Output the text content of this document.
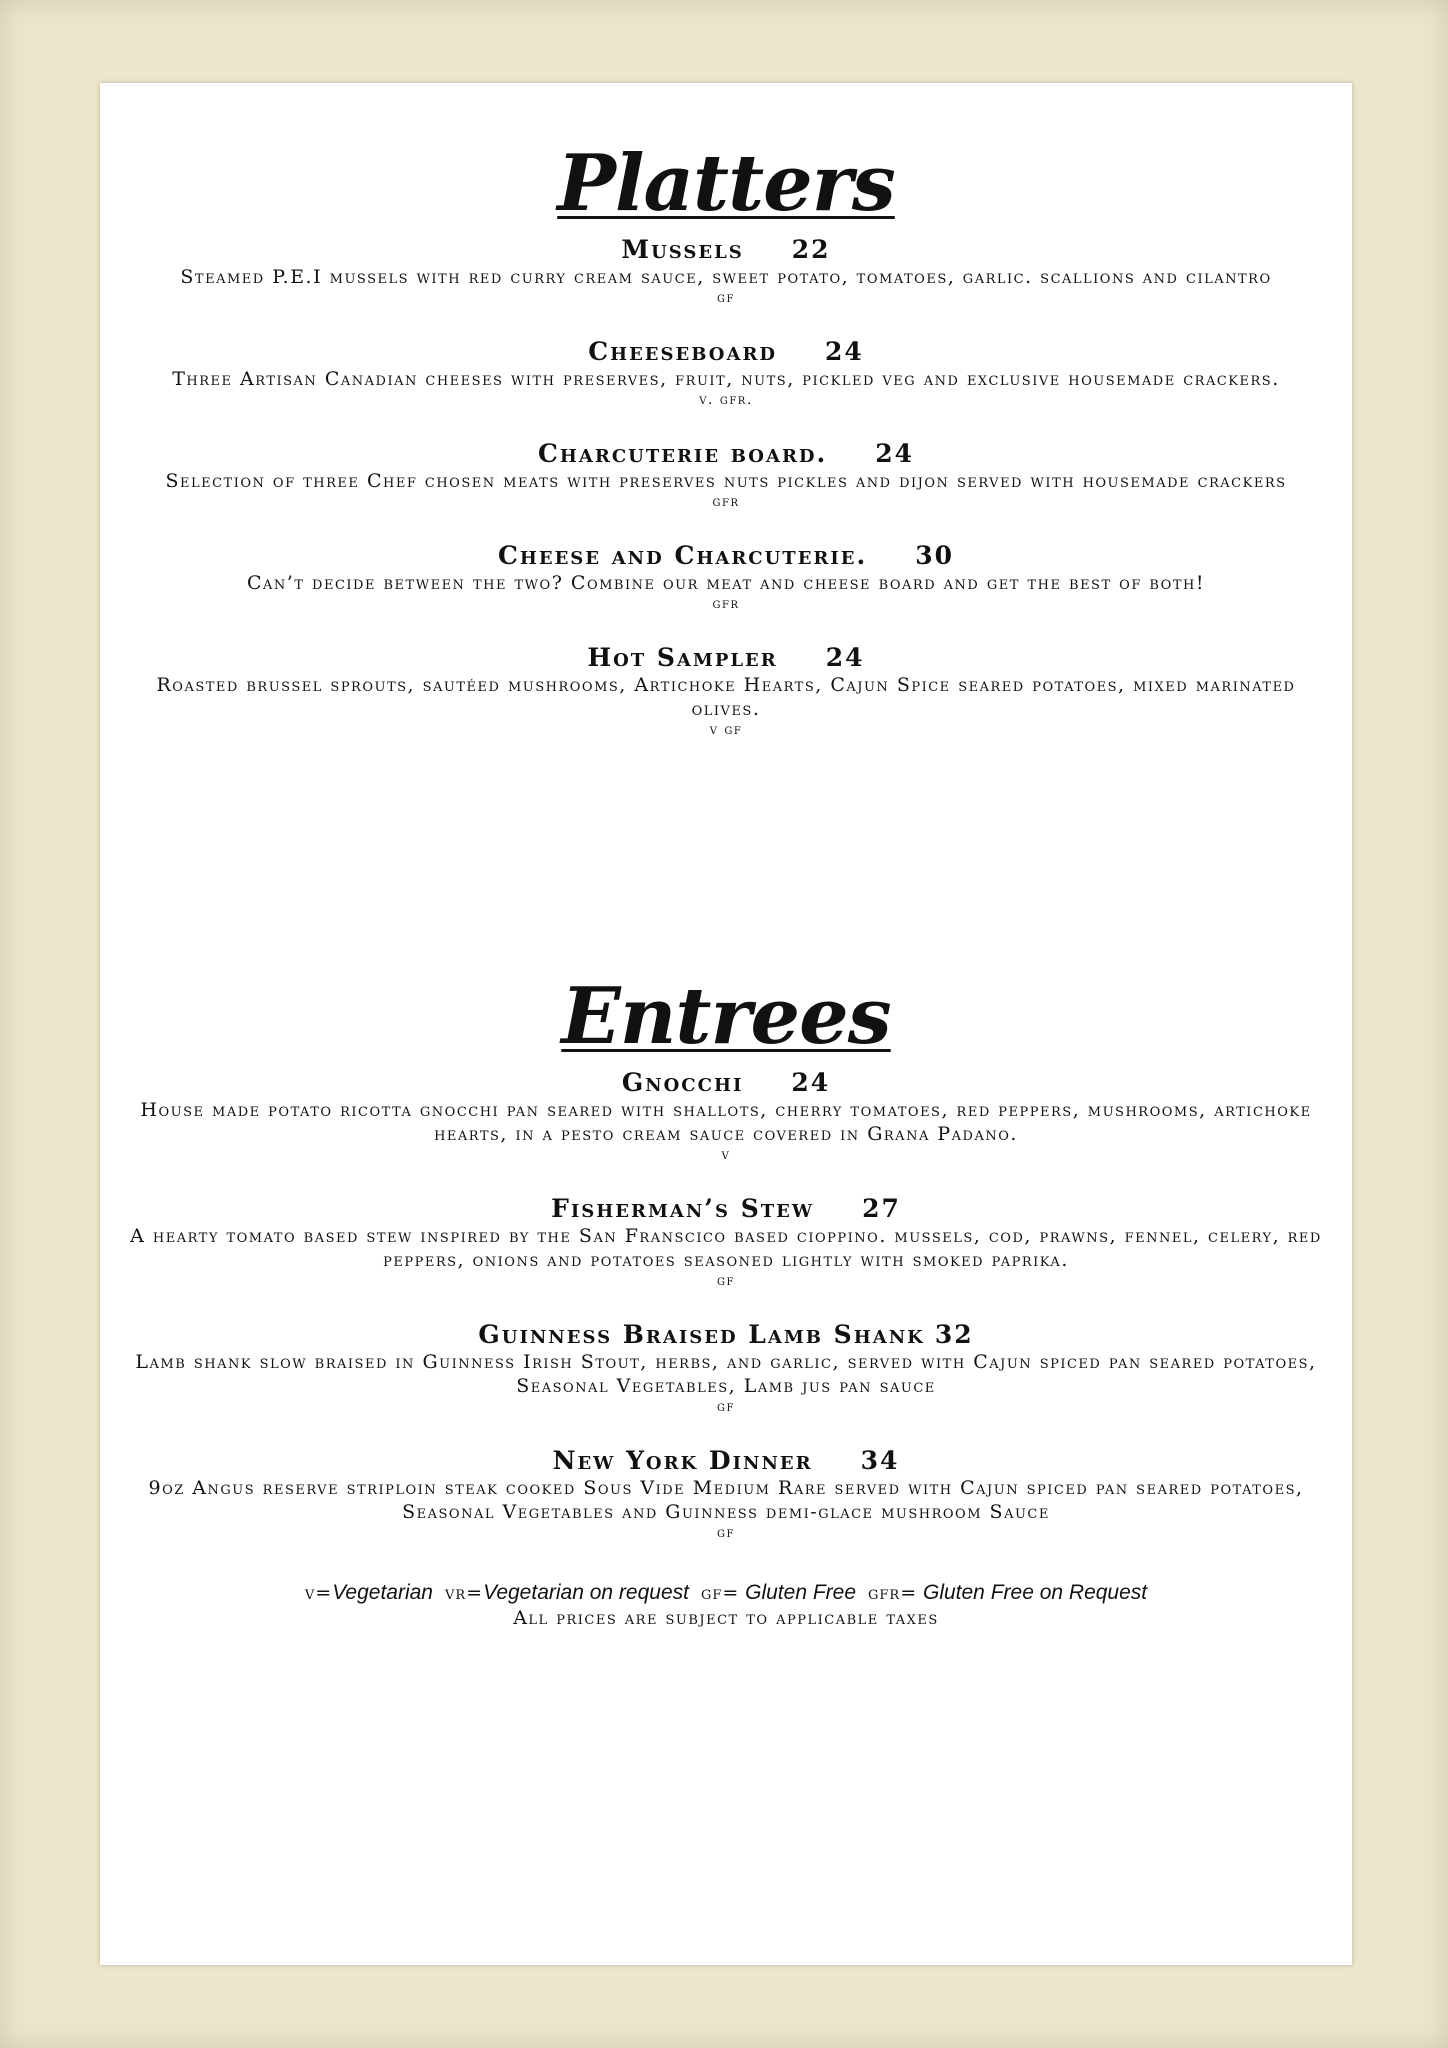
Platters
Mussels 22
Steamed P.E.I mussels with red curry cream sauce, sweet potato, tomatoes, garlic. scallions and cilantro
gf
Cheeseboard 24
Three Artisan Canadian cheeses with preserves, fruit, nuts, pickled veg and exclusive housemade crackers.
v. gfr.
Charcuterie board. 24
Selection of three Chef chosen meats with preserves nuts pickles and dijon served with housemade crackers
gfr
Cheese and Charcuterie. 30
Can’t decide between the two? Combine our meat and cheese board and get the best of both!
gfr
Hot Sampler 24
Roasted brussel sprouts, sautéed mushrooms, Artichoke Hearts, Cajun Spice seared potatoes, mixed marinated olives.
v gf
Entrees
Gnocchi 24
House made potato ricotta gnocchi pan seared with shallots, cherry tomatoes, red peppers, mushrooms, artichoke hearts, in a pesto cream sauce covered in Grana Padano.
v
Fisherman’s Stew 27
A hearty tomato based stew inspired by the San Franscico based cioppino. mussels, cod, prawns, fennel, celery, red peppers, onions and potatoes seasoned lightly with smoked paprika.
gf
Guinness Braised Lamb Shank 32
Lamb shank slow braised in Guinness Irish Stout, herbs, and garlic, served with Cajun spiced pan seared potatoes, Seasonal Vegetables, Lamb jus pan sauce
gf
New York Dinner 34
9oz Angus reserve striploin steak cooked Sous Vide Medium Rare served with Cajun spiced pan seared potatoes, Seasonal Vegetables and Guinness demi-glace mushroom Sauce
gf
v=Vegetarian vr=Vegetarian on request gf= Gluten Free gfr= Gluten Free on Request
All prices are subject to applicable taxes
